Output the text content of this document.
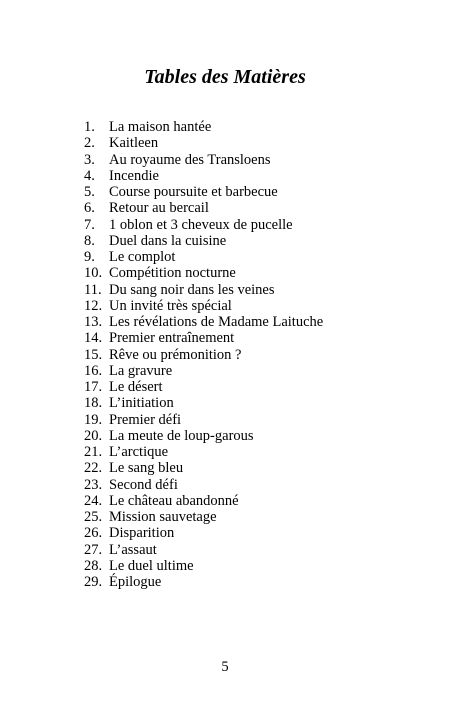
Tables des Matières
1. La maison hantée
2. Kaitleen
3. Au royaume des Transloens
4. Incendie
5. Course poursuite et barbecue
6. Retour au bercail
7. 1 oblon et 3 cheveux de pucelle
8. Duel dans la cuisine
9. Le complot
10. Compétition nocturne
11. Du sang noir dans les veines
12. Un invité très spécial
13. Les révélations de Madame Laituche
14. Premier entraînement
15. Rêve ou prémonition ?
16. La gravure
17. Le désert
18. L’initiation
19. Premier défi
20. La meute de loup-garous
21. L’arctique
22. Le sang bleu
23. Second défi
24. Le château abandonné
25. Mission sauvetage
26. Disparition
27. L’assaut
28. Le duel ultime
29. Épilogue
5
